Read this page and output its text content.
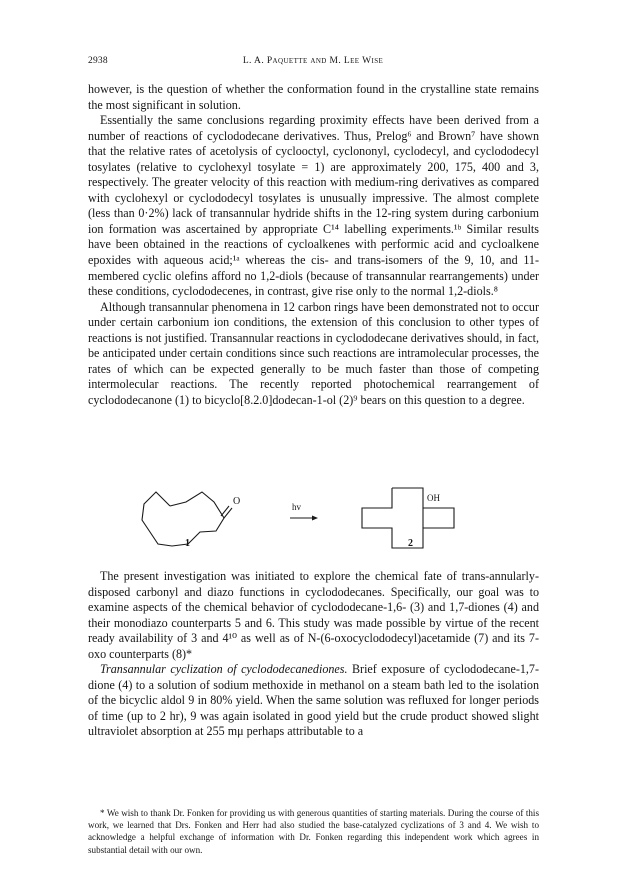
2938	L. A. Paquette and M. Lee Wise

however, is the question of whether the conformation found in the crystalline state remains the most significant in solution.

Essentially the same conclusions regarding proximity effects have been derived from a number of reactions of cyclododecane derivatives. Thus, Prelog⁶ and Brown⁷ have shown that the relative rates of acetolysis of cyclooctyl, cyclononyl, cyclodecyl, and cyclododecyl tosylates (relative to cyclohexyl tosylate = 1) are approximately 200, 175, 400 and 3, respectively. The greater velocity of this reaction with medium-ring derivatives as compared with cyclohexyl or cyclododecyl tosylates is unusually impressive. The almost complete (less than 0·2%) lack of transannular hydride shifts in the 12-ring system during carbonium ion formation was ascertained by appropriate C¹⁴ labelling experiments.¹ᵇ Similar results have been obtained in the reactions of cycloalkenes with performic acid and cycloalkene epoxides with aqueous acid;¹ᵃ whereas the cis- and trans-isomers of the 9, 10, and 11-membered cyclic olefins afford no 1,2-diols (because of transannular rearrangements) under these conditions, cyclododecenes, in contrast, give rise only to the normal 1,2-diols.⁸

Although transannular phenomena in 12 carbon rings have been demonstrated not to occur under certain carbonium ion conditions, the extension of this conclusion to other types of reactions is not justified. Transannular reactions in cyclododecane derivatives should, in fact, be anticipated under certain conditions since such reactions are intramolecular processes, the rates of which can be expected generally to be much faster than those of competing intermolecular reactions. The recently reported photochemical rearrangement of cyclododecanone (1) to bicyclo[8.2.0]dodecan-1-ol (2)⁹ bears on this question to a degree.

O	hv
OH
1	2

The present investigation was initiated to explore the chemical fate of trans-annularly-disposed carbonyl and diazo functions in cyclododecanes. Specifically, our goal was to examine aspects of the chemical behavior of cyclododecane-1,6- (3) and 1,7-diones (4) and their monodiazo counterparts 5 and 6. This study was made possible by virtue of the recent ready availability of 3 and 4¹⁰ as well as of N-(6-oxocyclododecyl)acetamide (7) and its 7-oxo counterparts (8)*

Transannular cyclization of cyclododecanediones. Brief exposure of cyclododecane-1,7-dione (4) to a solution of sodium methoxide in methanol on a steam bath led to the isolation of the bicyclic aldol 9 in 80% yield. When the same solution was refluxed for longer periods of time (up to 2 hr), 9 was again isolated in good yield but the crude product showed slight ultraviolet absorption at 255 mμ perhaps attributable to a

* We wish to thank Dr. Fonken for providing us with generous quantities of starting materials. During the course of this work, we learned that Drs. Fonken and Herr had also studied the base-catalyzed cyclizations of 3 and 4. We wish to acknowledge a helpful exchange of information with Dr. Fonken regarding this independent work which agrees in substantial detail with our own.
